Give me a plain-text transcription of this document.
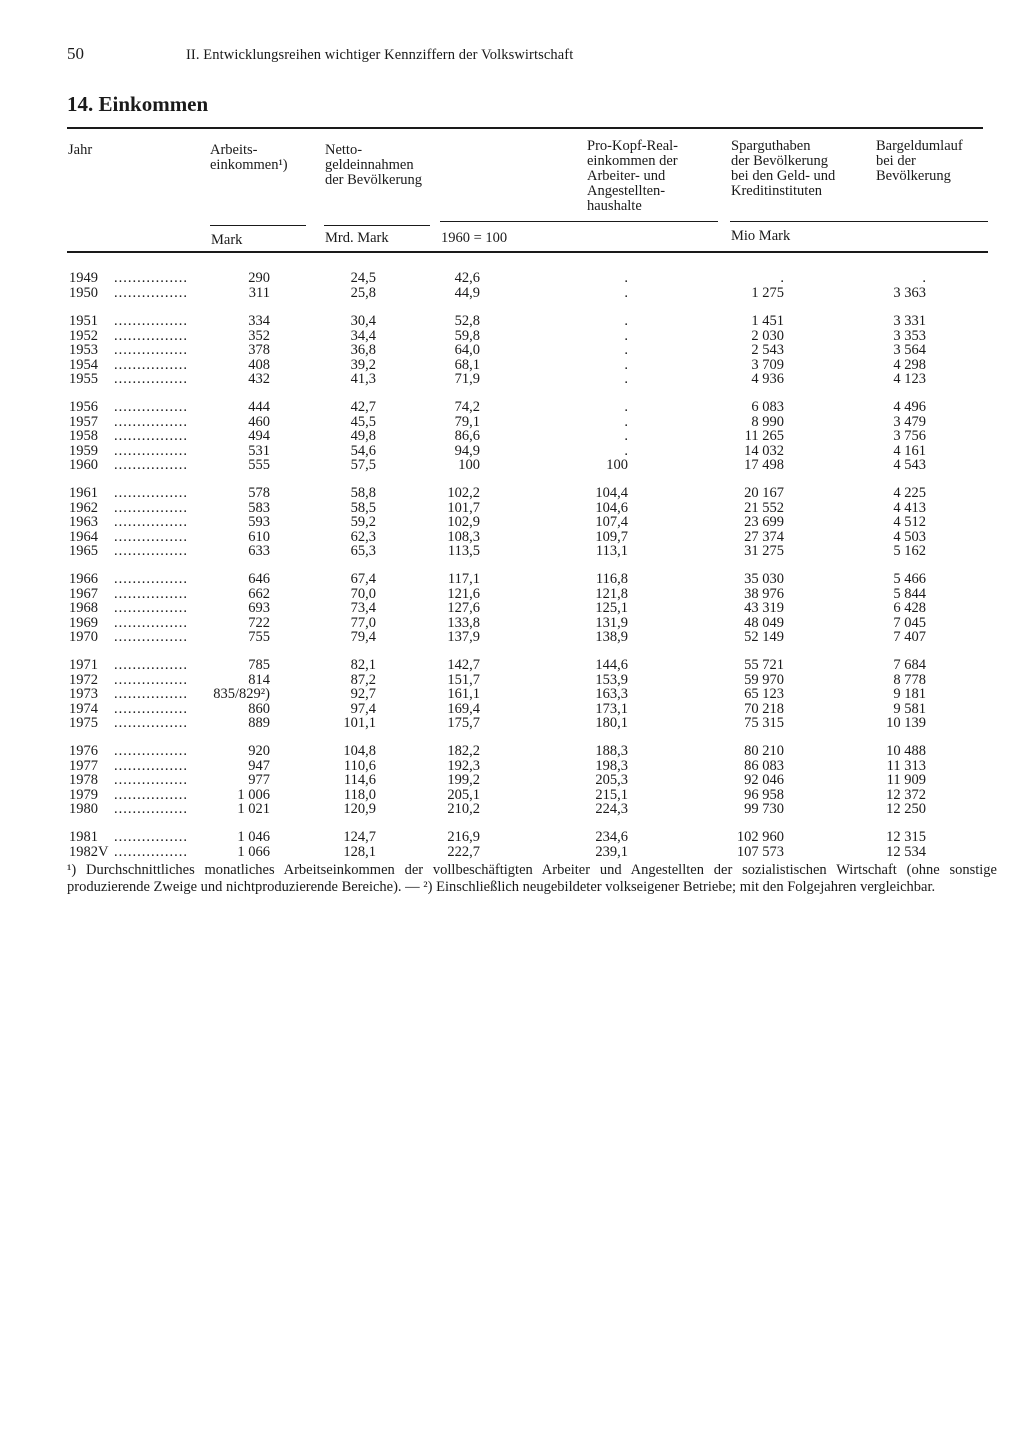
50	II. Entwicklungsreihen wichtiger Kennziffern der Volkswirtschaft
14. Einkommen
Jahr	Arbeits-
einkommen¹)
Netto-
geldeinnahmen
der Bevölkerung
Pro-Kopf-Real-
einkommen der
Arbeiter- und
Angestellten-
haushalte
Sparguthaben
der Bevölkerung
bei den Geld- und
Kreditinstituten
Bargeldumlauf
bei der
Bevölkerung
Mark	Mrd. Mark	1960 = 100	Mio Mark
1949	................	290	24,5	42,6	.	.	.
1950	................	311	25,8	44,9	.	1 275	3 363
1951	................	334	30,4	52,8	.	1 451	3 331
1952	................	352	34,4	59,8	.	2 030	3 353
1953	................	378	36,8	64,0	.	2 543	3 564
1954	................	408	39,2	68,1	.	3 709	4 298
1955	................	432	41,3	71,9	.	4 936	4 123
1956	................	444	42,7	74,2	.	6 083	4 496
1957	................	460	45,5	79,1	.	8 990	3 479
1958	................	494	49,8	86,6	.	11 265	3 756
1959	................	531	54,6	94,9	.	14 032	4 161
1960	................	555	57,5	100	100	17 498	4 543
1961	................	578	58,8	102,2	104,4	20 167	4 225
1962	................	583	58,5	101,7	104,6	21 552	4 413
1963	................	593	59,2	102,9	107,4	23 699	4 512
1964	................	610	62,3	108,3	109,7	27 374	4 503
1965	................	633	65,3	113,5	113,1	31 275	5 162
1966	................	646	67,4	117,1	116,8	35 030	5 466
1967	................	662	70,0	121,6	121,8	38 976	5 844
1968	................	693	73,4	127,6	125,1	43 319	6 428
1969	................	722	77,0	133,8	131,9	48 049	7 045
1970	................	755	79,4	137,9	138,9	52 149	7 407
1971	................	785	82,1	142,7	144,6	55 721	7 684
1972	................	814	87,2	151,7	153,9	59 970	8 778
1973	................	835/829²)	92,7	161,1	163,3	65 123	9 181
1974	................	860	97,4	169,4	173,1	70 218	9 581
1975	................	889	101,1	175,7	180,1	75 315	10 139
1976	................	920	104,8	182,2	188,3	80 210	10 488
1977	................	947	110,6	192,3	198,3	86 083	11 313
1978	................	977	114,6	199,2	205,3	92 046	11 909
1979	................	1 006	118,0	205,1	215,1	96 958	12 372
1980	................	1 021	120,9	210,2	224,3	99 730	12 250
1981	................	1 046	124,7	216,9	234,6	102 960	12 315
1982V ................	1 066	128,1	222,7	239,1	107 573	12 534

¹) Durchschnittliches monatliches Arbeitseinkommen der vollbeschäftigten Arbeiter und Angestellten der sozialistischen Wirtschaft (ohne sonstige produzierende Zweige und nichtproduzierende Bereiche). — ²) Einschließlich neugebildeter volkseigener Betriebe; mit den Folgejahren vergleichbar.
